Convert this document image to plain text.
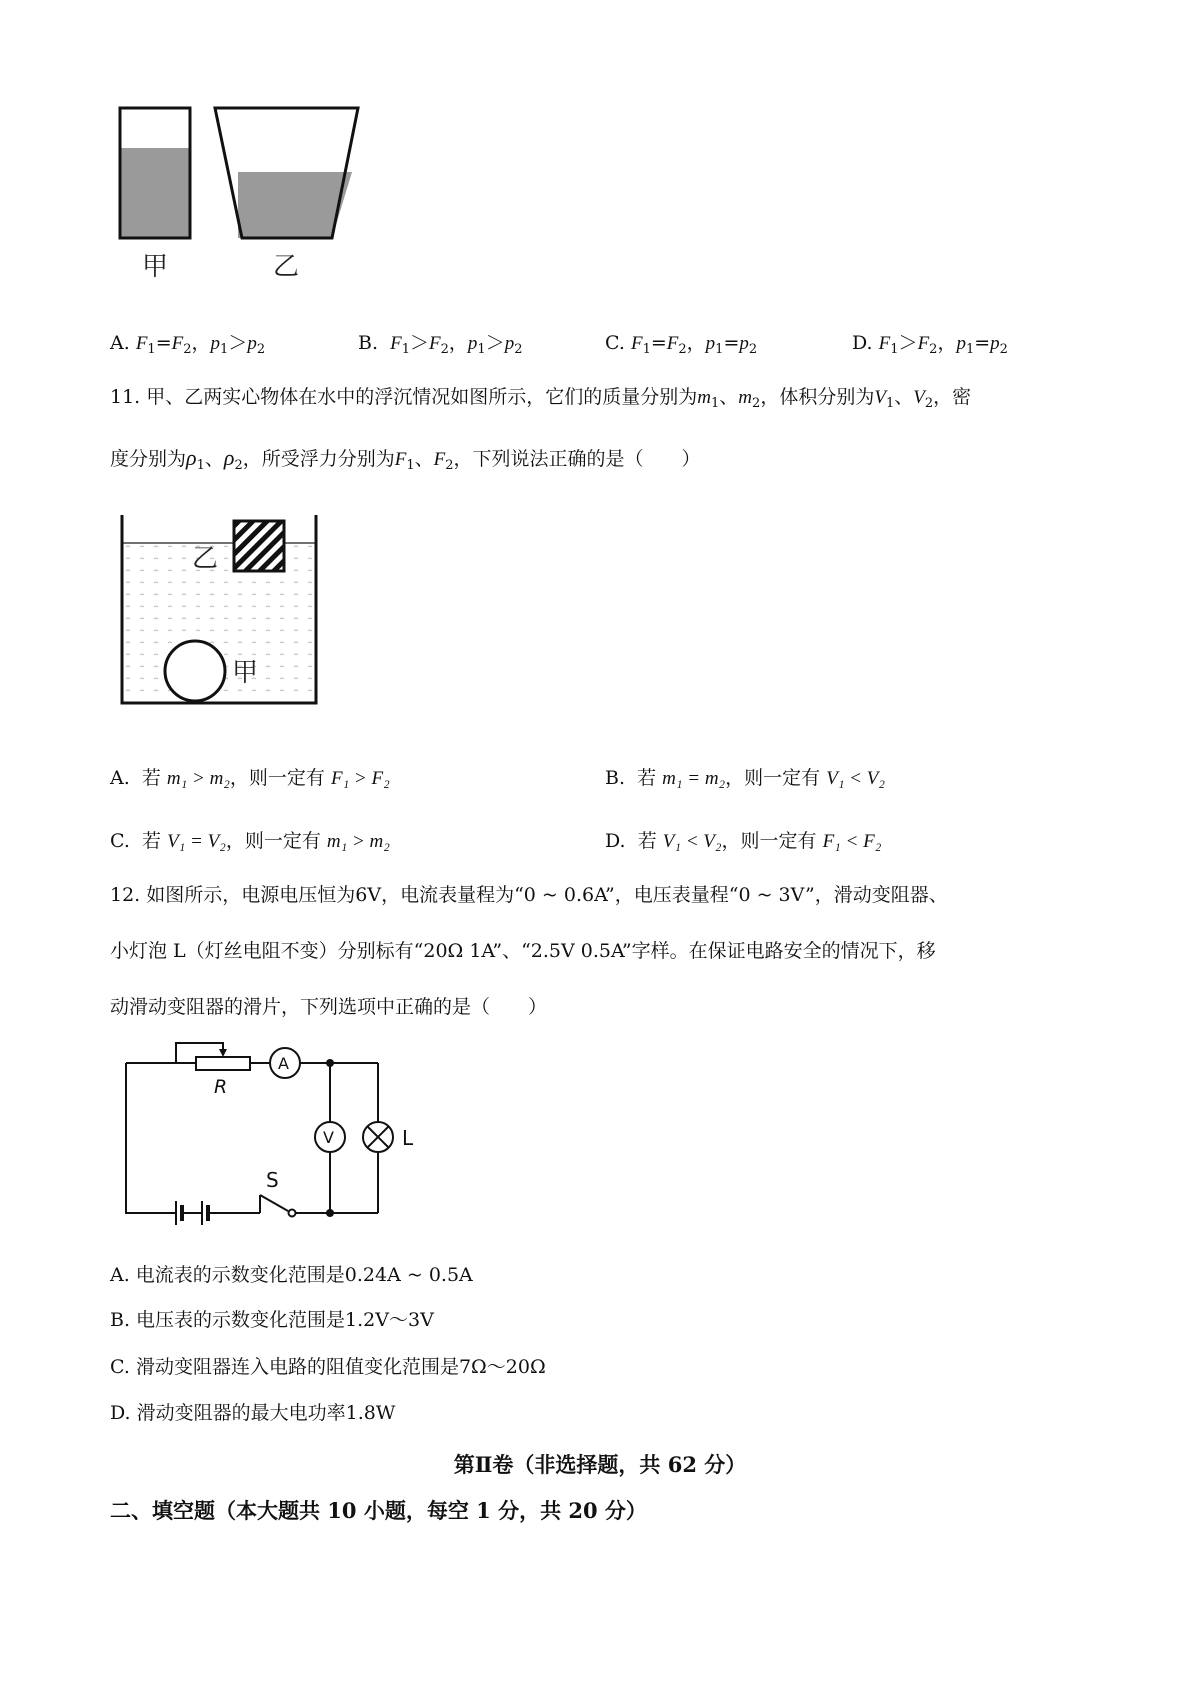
甲	乙
A. $F_1=F_2$，$p_1>p_2$	B. $F_1>F_2$，$p_1>p_2$	C. $F_1=F_2$，$p_1=p_2$	D. $F_1>F_2$，$p_1=p_2$
11. 甲、乙两实心物体在水中的浮沉情况如图所示，它们的质量分别为$m_1$、$m_2$，体积分别为$V_1$、$V_2$，密
度分别为$\rho_1$、$\rho_2$，所受浮力分别为$F_1$、$F_2$，下列说法正确的是（　　）
乙
甲
A. 若 m₁ > m₂，则一定有 F₁ > F₂	B. 若 m₁ = m₂，则一定有 V₁ < V₂
C. 若 V₁ = V₂，则一定有 m₁ > m₂	D. 若 V₁ < V₂，则一定有 F₁ < F₂
12. 如图所示，电源电压恒为6V，电流表量程为“0 ~ 0.6A”，电压表量程“0 ~ 3V”，滑动变阻器、
小灯泡 L（灯丝电阻不变）分别标有“20Ω 1A”、“2.5V 0.5A”字样。在保证电路安全的情况下，移
动滑动变阻器的滑片，下列选项中正确的是（　　）
A
R
V	L
S
A. 电流表的示数变化范围是0.24A ~ 0.5A
B. 电压表的示数变化范围是1.2V～3V
C. 滑动变阻器连入电路的阻值变化范围是7Ω～20Ω
D. 滑动变阻器的最大电功率1.8W
第Ⅱ卷（非选择题，共 62 分）
二、填空题（本大题共 10 小题，每空 1 分，共 20 分）
